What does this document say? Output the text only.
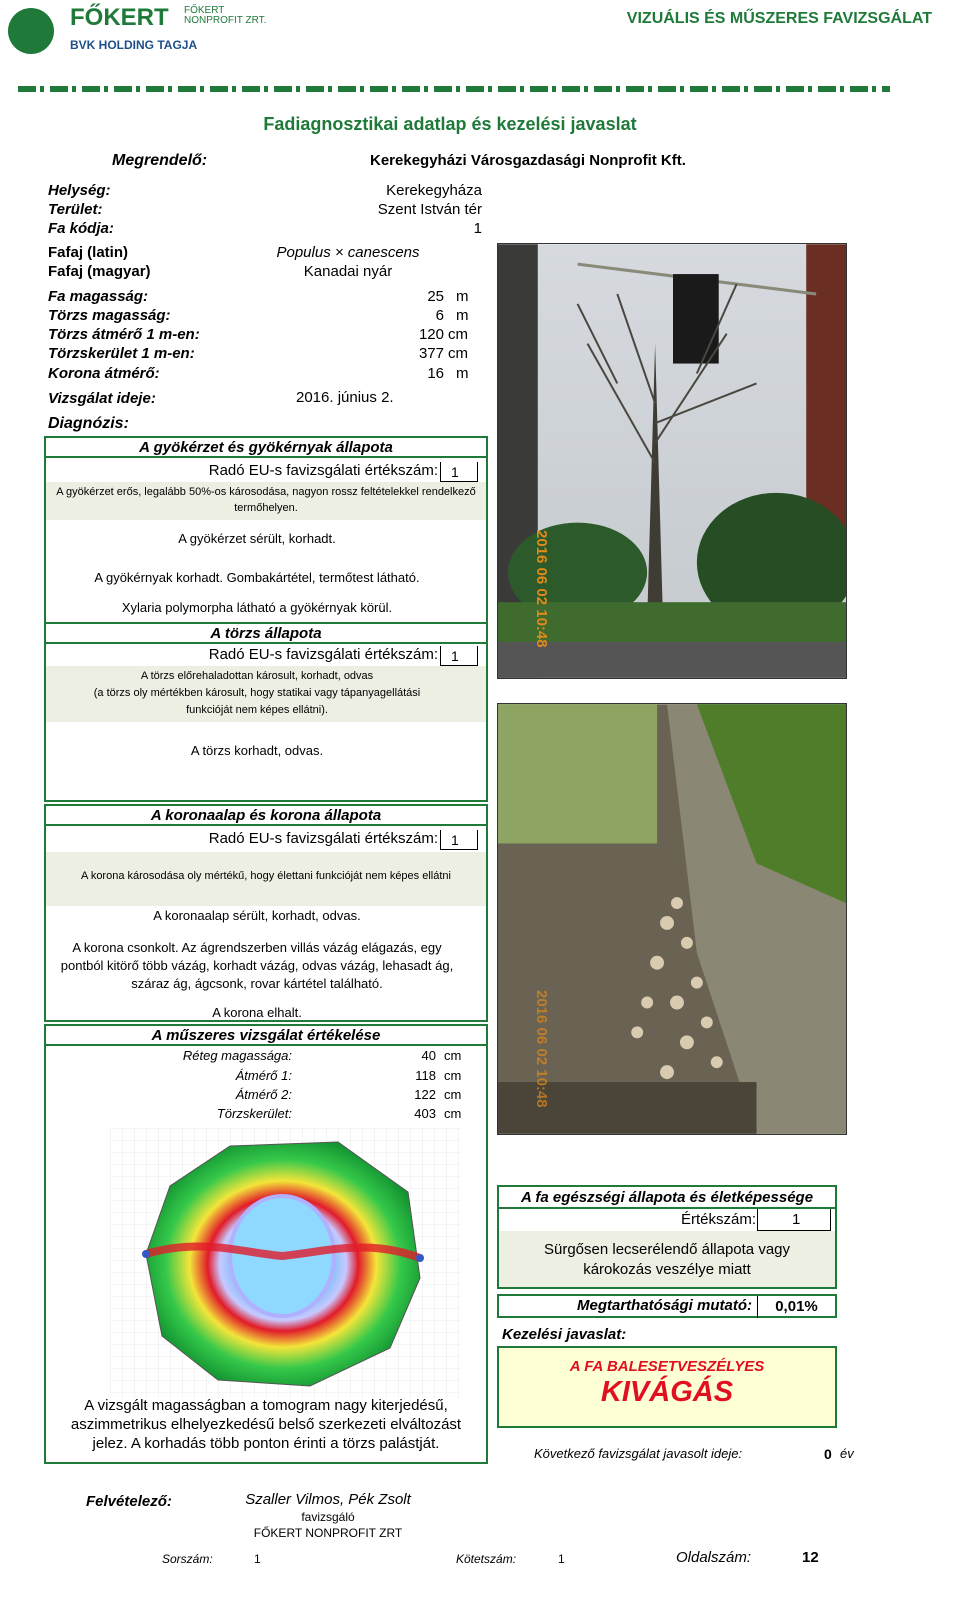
FŐKERT FŐKERT
NONPROFIT ZRT.
BVK HOLDING TAGJA
VIZUÁLIS ÉS MŰSZERES FAVIZSGÁLAT
Fadiagnosztikai adatlap és kezelési javaslat
Megrendelő:	Kerekegyházi Városgazdasági Nonprofit Kft.
Helység:	Kerekegyháza
Terület:	Szent István tér
Fa kódja:	1
Fafaj (latin)	Populus × canescens
Fafaj (magyar)	Kanadai nyár
Fa magasság:	25 m
Törzs magasság:	6 m
Törzs átmérő 1 m-en:	120 cm
Törzskerület 1 m-en:	377 cm
Korona átmérő:	16 m
Vizsgálat ideje:	2016. június 2.
Diagnózis:
A gyökérzet és gyökérnyak állapota
Radó EU-s favizsgálati értékszám: 1
A gyökérzet erős, legalább 50%-os károsodása, nagyon rossz feltételekkel rendelkező termőhelyen.
A gyökérzet sérült, korhadt.
A gyökérnyak korhadt. Gombakártétel, termőtest látható.
Xylaria polymorpha látható a gyökérnyak körül.
A törzs állapota
Radó EU-s favizsgálati értékszám: 1
A törzs előrehaladottan károsult, korhadt, odvas
(a törzs oly mértékben károsult, hogy statikai vagy tápanyagellátási
funkcióját nem képes ellátni).
A törzs korhadt, odvas.
A koronaalap és korona állapota
Radó EU-s favizsgálati értékszám: 1
A korona károsodása oly mértékű, hogy élettani funkcióját nem képes ellátni
A koronaalap sérült, korhadt, odvas.
A korona csonkolt. Az ágrendszerben villás vázág elágazás, egy
pontból kitörő több vázág, korhadt vázág, odvas vázág, lehasadt ág,
száraz ág, ágcsonk, rovar kártétel található.
A korona elhalt.
A műszeres vizsgálat értékelése
Réteg magassága:	40 cm
Átmérő 1:	118 cm
Átmérő 2:	122 cm
Törzskerület:	403 cm
A vizsgált magasságban a tomogram nagy kiterjedésű,
aszimmetrikus elhelyezkedésű belső szerkezeti elváltozást
jelez. A korhadás több ponton érinti a törzs palástját.
2016 06 02 10:48
2016 06 02 10:48
A fa egészségi állapota és életképessége
Értékszám:	1
Sürgősen lecserélendő állapota vagy
károkozás veszélye miatt
Megtarthatósági mutató:	0,01%
Kezelési javaslat:
A FA BALESETVESZÉLYES
KIVÁGÁS
Következő favizsgálat javasolt ideje:	0 év
Felvételező:	Szaller Vilmos, Pék Zsolt
favizsgáló
FŐKERT NONPROFIT ZRT
Sorszám:	1	Kötetszám:	1	Oldalszám:	12
